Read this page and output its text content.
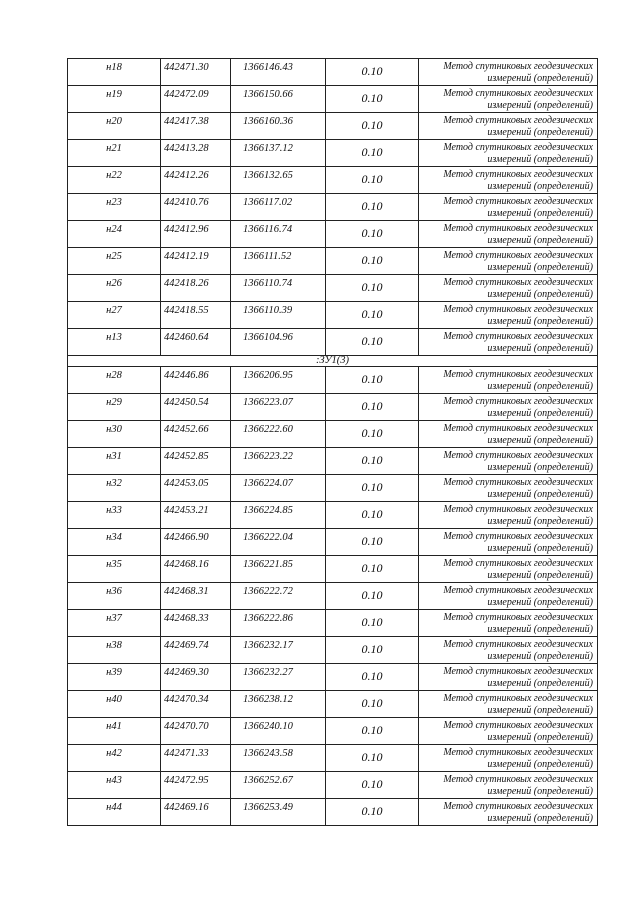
н18	442471.30	1366146.43	0.10	Метод спутниковых геодезических
измерений (определений)

н19	442472.09	1366150.66	0.10	Метод спутниковых геодезических
измерений (определений)

н20	442417.38	1366160.36	0.10	Метод спутниковых геодезических
измерений (определений)

н21	442413.28	1366137.12	0.10	Метод спутниковых геодезических
измерений (определений)

н22	442412.26	1366132.65	0.10	Метод спутниковых геодезических
измерений (определений)

н23	442410.76	1366117.02	0.10	Метод спутниковых геодезических
измерений (определений)

н24	442412.96	1366116.74	0.10	Метод спутниковых геодезических
измерений (определений)

н25	442412.19	1366111.52	0.10	Метод спутниковых геодезических
измерений (определений)

н26	442418.26	1366110.74	0.10	Метод спутниковых геодезических
измерений (определений)

н27	442418.55	1366110.39	0.10	Метод спутниковых геодезических
измерений (определений)

н13	442460.64	1366104.96	0.10	Метод спутниковых геодезических
измерений (определений)

:ЗУ1(3)				
н28	442446.86	1366206.95	0.10	Метод спутниковых геодезических
измерений (определений)

н29	442450.54	1366223.07	0.10	Метод спутниковых геодезических
измерений (определений)

н30	442452.66	1366222.60	0.10	Метод спутниковых геодезических
измерений (определений)

н31	442452.85	1366223.22	0.10	Метод спутниковых геодезических
измерений (определений)

н32	442453.05	1366224.07	0.10	Метод спутниковых геодезических
измерений (определений)

н33	442453.21	1366224.85	0.10	Метод спутниковых геодезических
измерений (определений)

н34	442466.90	1366222.04	0.10	Метод спутниковых геодезических
измерений (определений)

н35	442468.16	1366221.85	0.10	Метод спутниковых геодезических
измерений (определений)

н36	442468.31	1366222.72	0.10	Метод спутниковых геодезических
измерений (определений)

н37	442468.33	1366222.86	0.10	Метод спутниковых геодезических
измерений (определений)

н38	442469.74	1366232.17	0.10	Метод спутниковых геодезических
измерений (определений)

н39	442469.30	1366232.27	0.10	Метод спутниковых геодезических
измерений (определений)

н40	442470.34	1366238.12	0.10	Метод спутниковых геодезических
измерений (определений)

н41	442470.70	1366240.10	0.10	Метод спутниковых геодезических
измерений (определений)

н42	442471.33	1366243.58	0.10	Метод спутниковых геодезических
измерений (определений)

н43	442472.95	1366252.67	0.10	Метод спутниковых геодезических
измерений (определений)

н44	442469.16	1366253.49	0.10	Метод спутниковых геодезических
измерений (определений)
